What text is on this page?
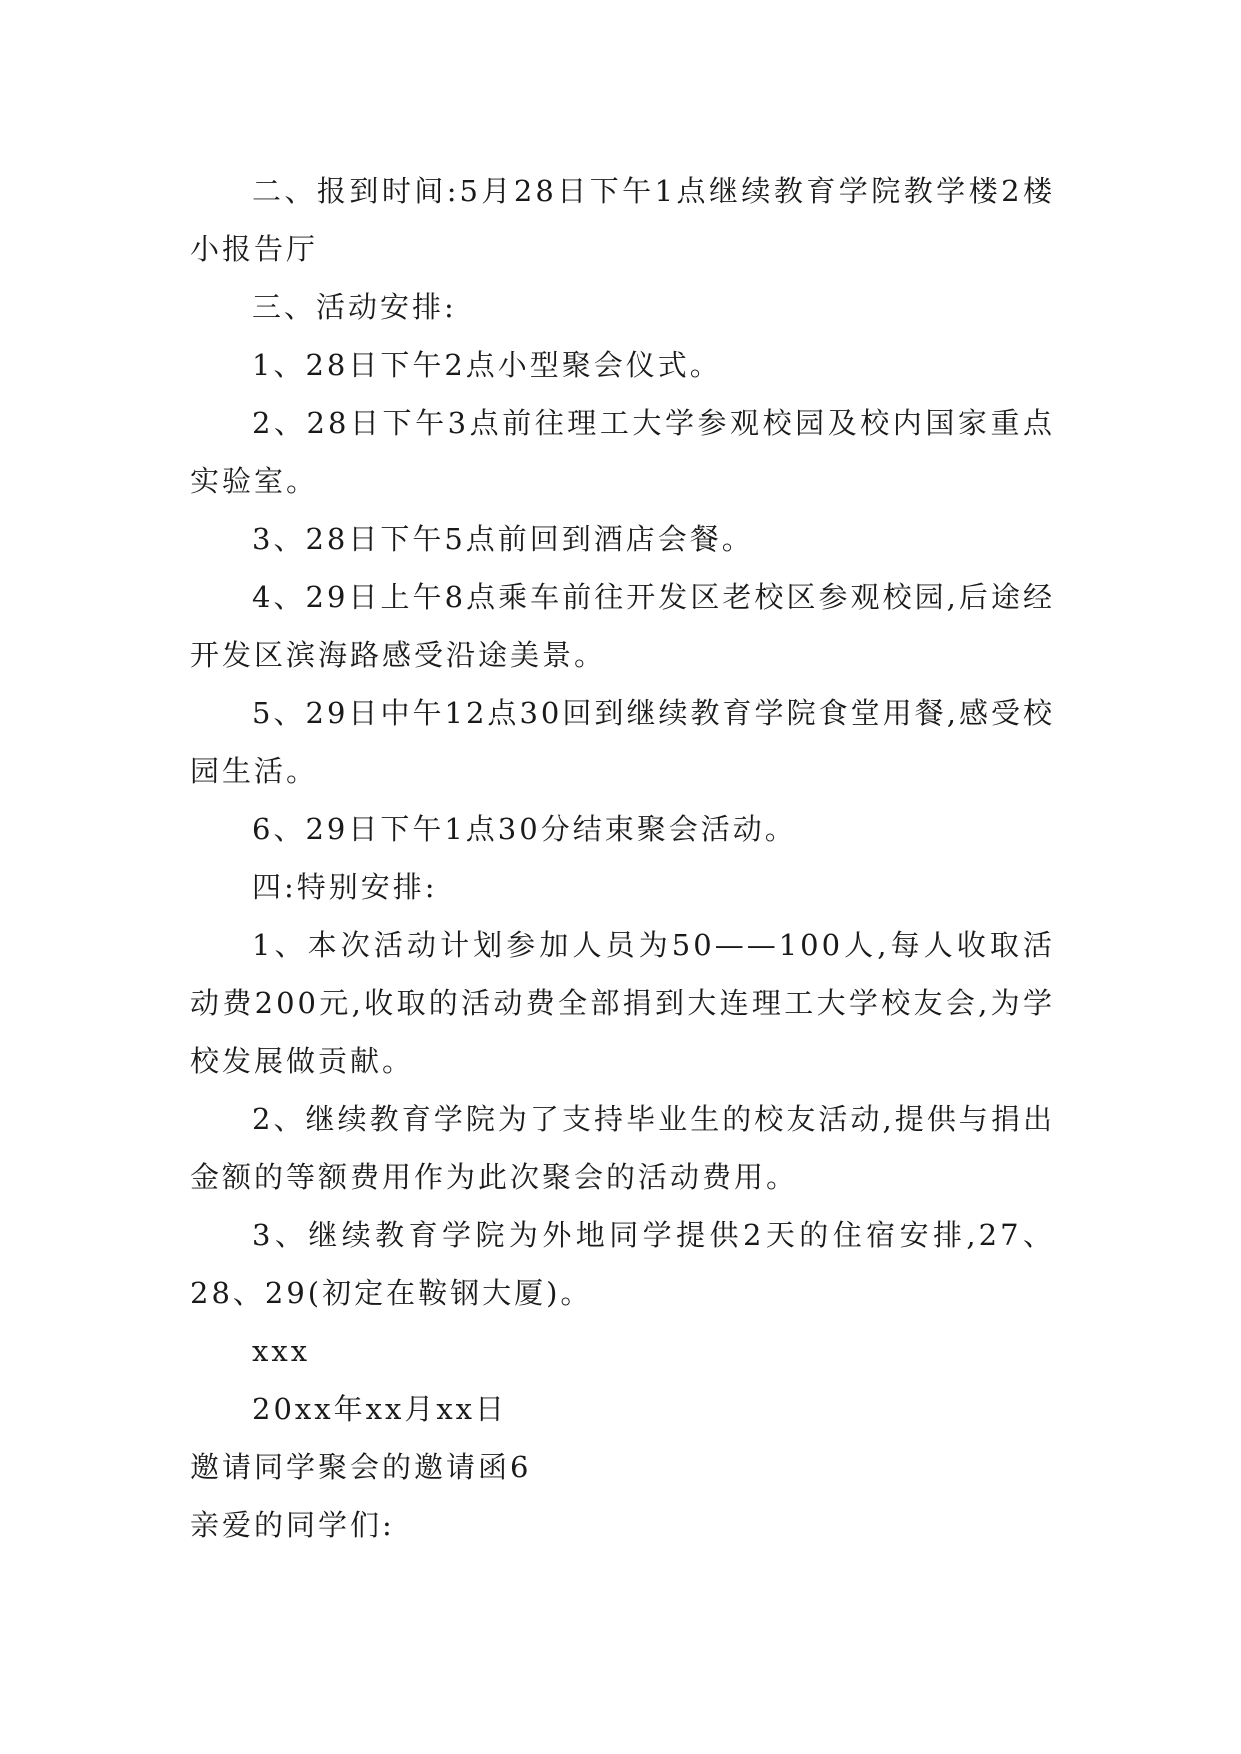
二、报到时间:5月28日下午1点继续教育学院教学楼2楼小报告厅

三、活动安排:

1、28日下午2点小型聚会仪式。

2、28日下午3点前往理工大学参观校园及校内国家重点实验室。

3、28日下午5点前回到酒店会餐。

4、29日上午8点乘车前往开发区老校区参观校园,后途经开发区滨海路感受沿途美景。

5、29日中午12点30回到继续教育学院食堂用餐,感受校园生活。

6、29日下午1点30分结束聚会活动。

四:特别安排:

1、本次活动计划参加人员为50——100人,每人收取活动费200元,收取的活动费全部捐到大连理工大学校友会,为学校发展做贡献。

2、继续教育学院为了支持毕业生的校友活动,提供与捐出金额的等额费用作为此次聚会的活动费用。

3、继续教育学院为外地同学提供2天的住宿安排,27、28、29(初定在鞍钢大厦)。

xxx

20xx年xx月xx日

邀请同学聚会的邀请函6

亲爱的同学们:
